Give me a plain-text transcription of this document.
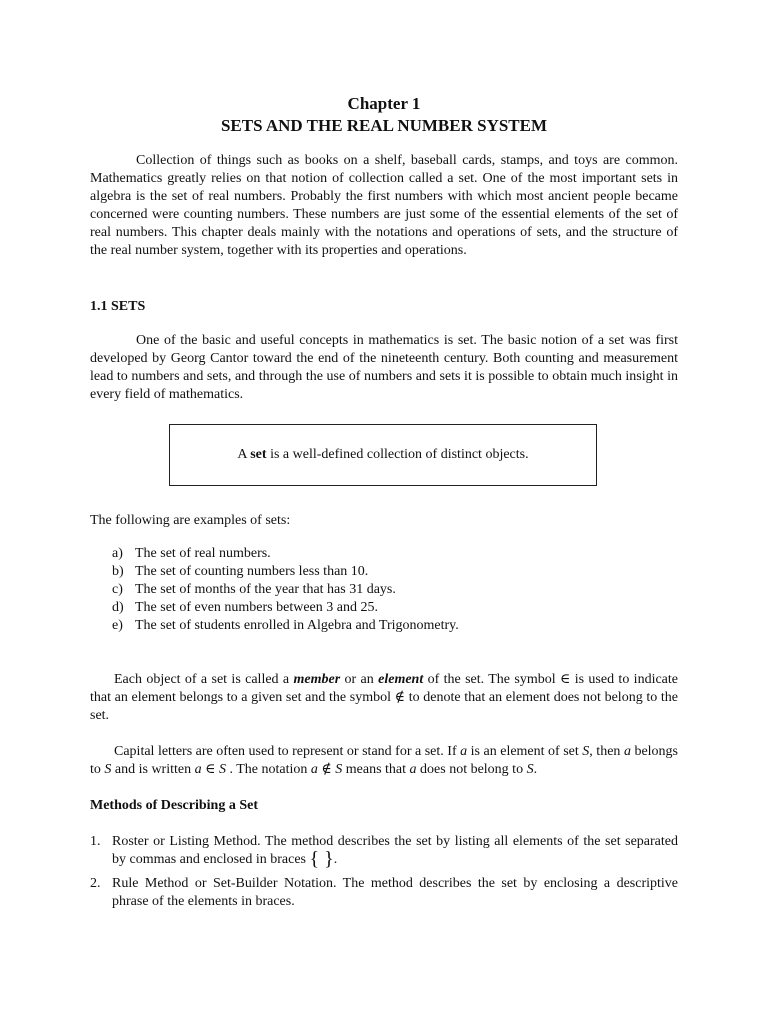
Chapter 1
SETS AND THE REAL NUMBER SYSTEM

Collection of things such as books on a shelf, baseball cards, stamps, and toys are common. Mathematics greatly relies on that notion of collection called a set. One of the most important sets in algebra is the set of real numbers. Probably the first numbers with which most ancient people became concerned were counting numbers. These numbers are just some of the essential elements of the set of real numbers. This chapter deals mainly with the notations and operations of sets, and the structure of the real number system, together with its properties and operations.

1.1 SETS

One of the basic and useful concepts in mathematics is set. The basic notion of a set was first developed by Georg Cantor toward the end of the nineteenth century. Both counting and measurement lead to numbers and sets, and through the use of numbers and sets it is possible to obtain much insight in every field of mathematics.

A set is a well-defined collection of distinct objects.
The following are examples of sets:
a) The set of real numbers.
b) The set of counting numbers less than 10.
c) The set of months of the year that has 31 days.
d) The set of even numbers between 3 and 25.
e) The set of students enrolled in Algebra and Trigonometry.

Each object of a set is called a member or an element of the set. The symbol ∈ is used to indicate that an element belongs to a given set and the symbol ∉ to denote that an element does not belong to the set.

Capital letters are often used to represent or stand for a set. If a is an element of set S, then a belongs to S and is written a ∈ S . The notation a ∉ S means that a does not belong to S.

Methods of Describing a Set
1. Roster or Listing Method. The method describes the set by listing all elements of the set separated by commas and enclosed in braces { }.
2. Rule Method or Set-Builder Notation. The method describes the set by enclosing a descriptive phrase of the elements in braces.
